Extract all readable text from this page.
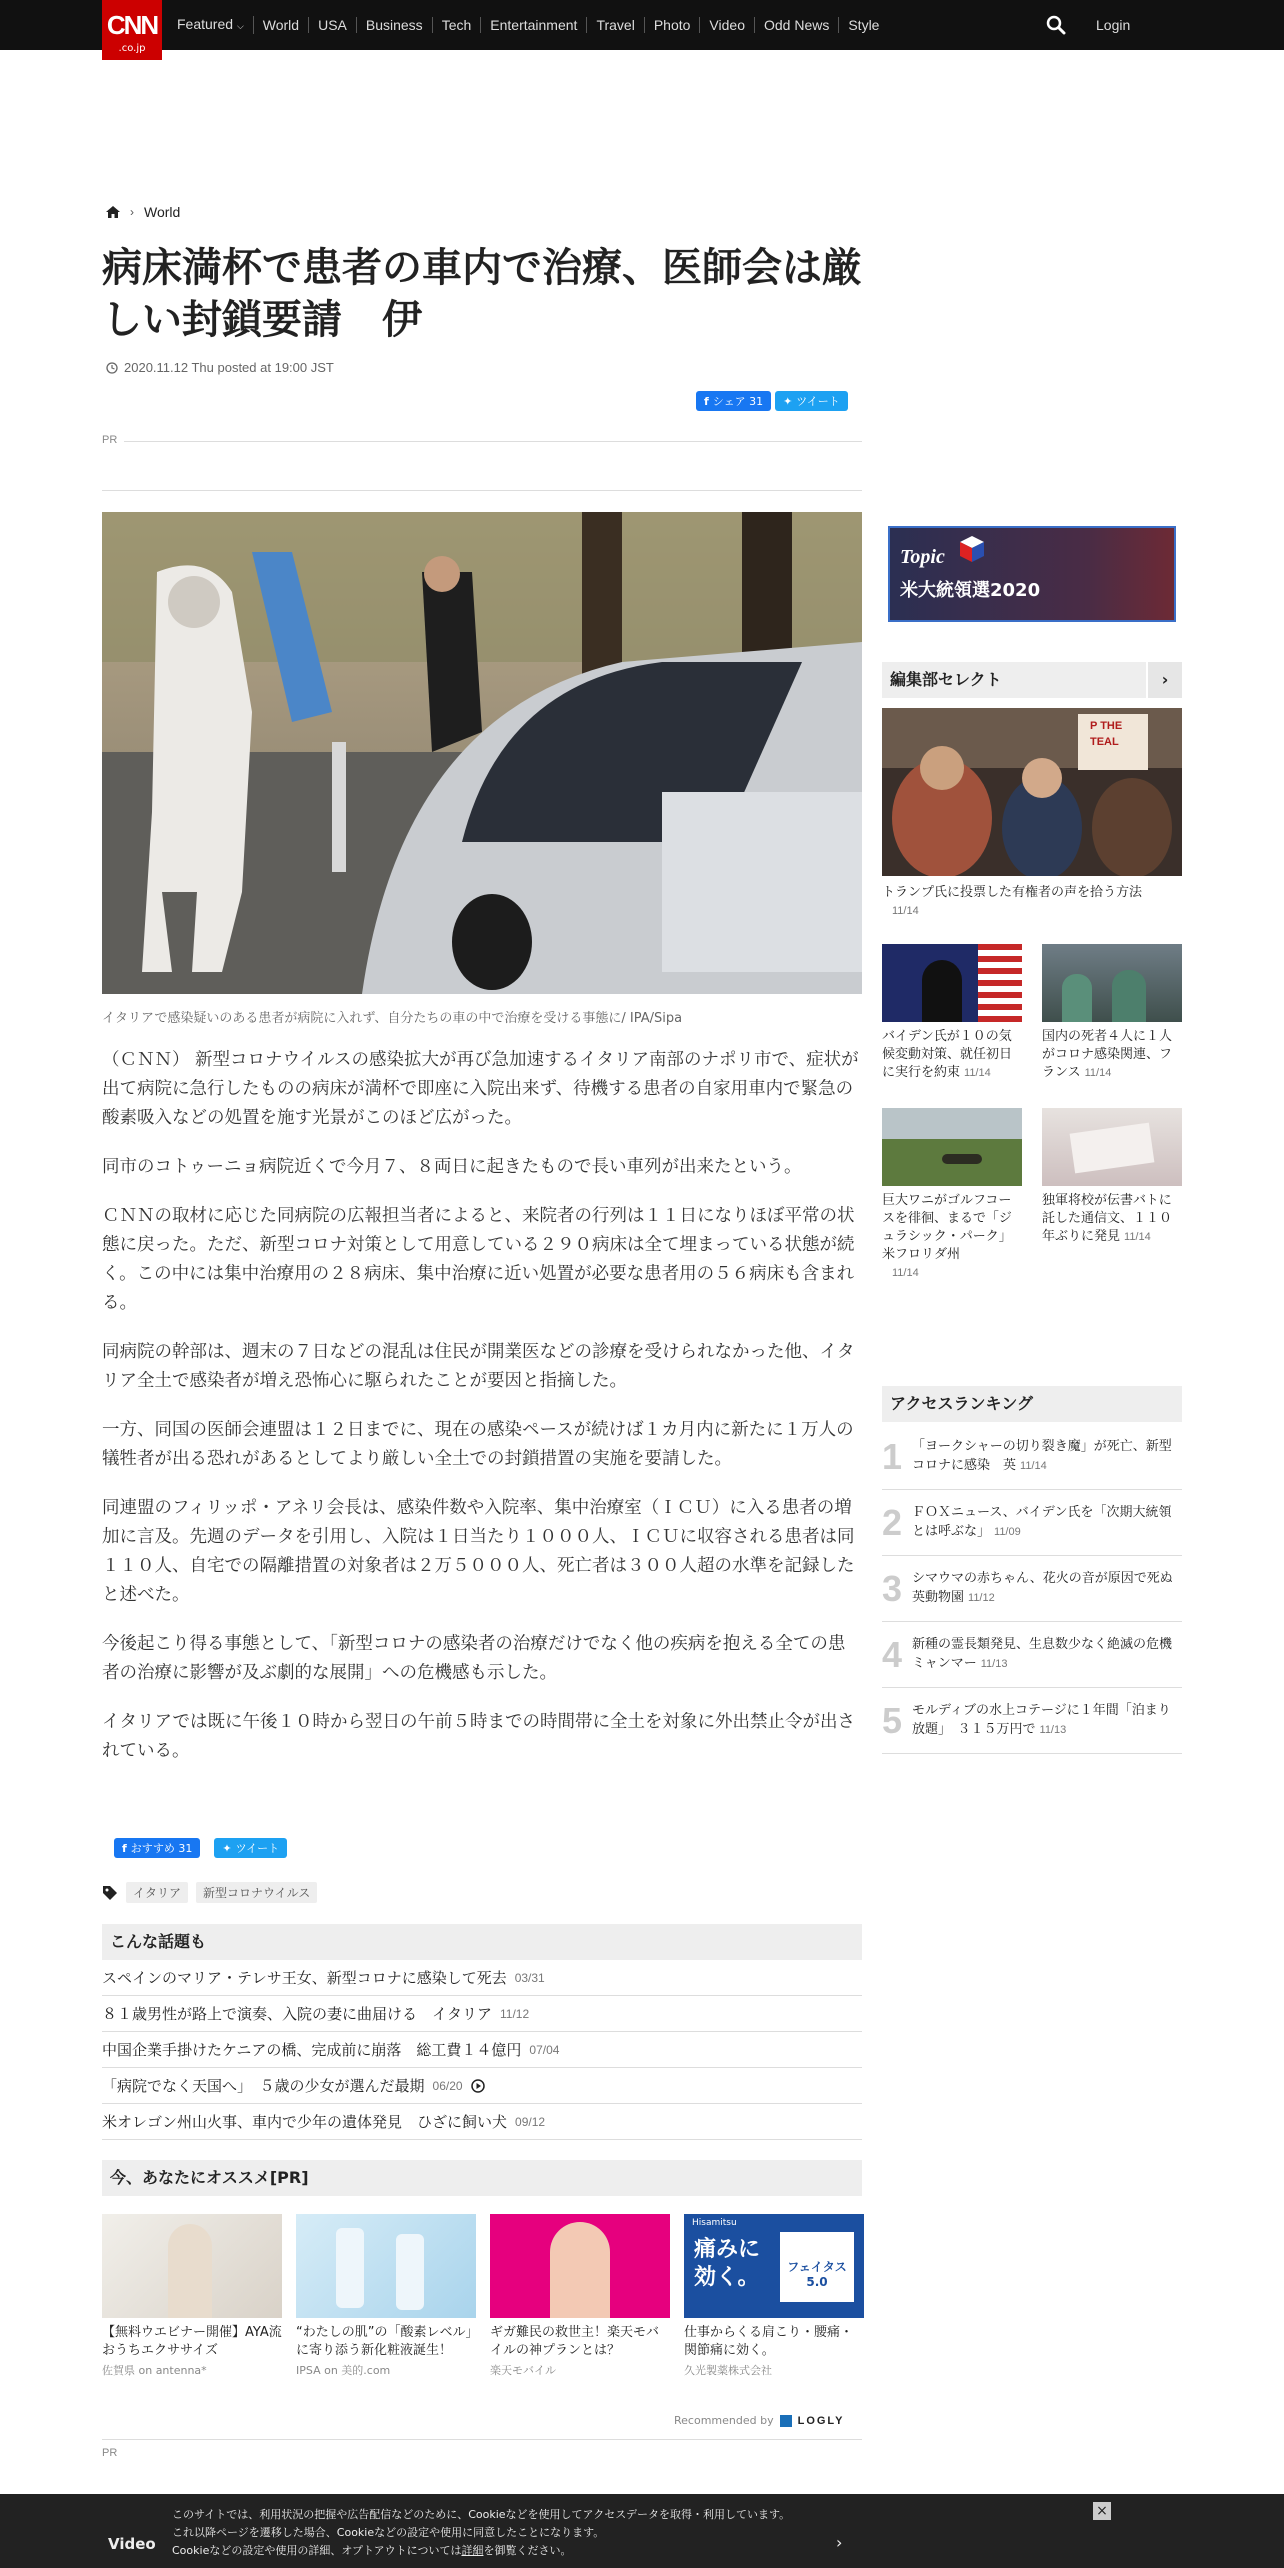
Featured ⌵	World	USA	Business	Tech	Entertainment	Travel	Photo	Video	Odd News	Style	Login
CNN
.co.jp
› World
病床満杯で患者の車内で治療、医師会は厳しい封鎖要請　伊
2020.11.12 Thu posted at 19:00 JST
f シェア 31 ✦ ツイート
PR
イタリアで感染疑いのある患者が病院に入れず、自分たちの車の中で治療を受ける事態に/ IPA/Sipa

（ＣＮＮ） 新型コロナウイルスの感染拡大が再び急加速するイタリア南部のナポリ市で、症状が出て病院に急行したものの病床が満杯で即座に入院出来ず、待機する患者の自家用車内で緊急の酸素吸入などの処置を施す光景がこのほど広がった。

同市のコトゥーニョ病院近くで今月７、８両日に起きたもので長い車列が出来たという。

ＣＮＮの取材に応じた同病院の広報担当者によると、来院者の行列は１１日になりほぼ平常の状態に戻った。ただ、新型コロナ対策として用意している２９０病床は全て埋まっている状態が続く。この中には集中治療用の２８病床、集中治療に近い処置が必要な患者用の５６病床も含まれる。

同病院の幹部は、週末の７日などの混乱は住民が開業医などの診療を受けられなかった他、イタリア全土で感染者が増え恐怖心に駆られたことが要因と指摘した。

一方、同国の医師会連盟は１２日までに、現在の感染ペースが続けば１カ月内に新たに１万人の犠牲者が出る恐れがあるとしてより厳しい全土での封鎖措置の実施を要請した。

同連盟のフィリッポ・アネリ会長は、感染件数や入院率、集中治療室（ＩＣＵ）に入る患者の増加に言及。先週のデータを引用し、入院は１日当たり１０００人、ＩＣＵに収容される患者は同１１０人、自宅での隔離措置の対象者は２万５０００人、死亡者は３００人超の水準を記録したと述べた。

今後起こり得る事態として、「新型コロナの感染者の治療だけでなく他の疾病を抱える全ての患者の治療に影響が及ぶ劇的な展開」への危機感も示した。

イタリアでは既に午後１０時から翌日の午前５時までの時間帯に全土を対象に外出禁止令が出されている。

f おすすめ 31	✦ ツイート
イタリア	新型コロナウイルス
こんな話題も
スペインのマリア・テレサ王女、新型コロナに感染して死去 03/31
８１歳男性が路上で演奏、入院の妻に曲届ける　イタリア 11/12
中国企業手掛けたケニアの橋、完成前に崩落　総工費１４億円 07/04
「病院でなく天国へ」　５歳の少女が選んだ最期 06/20
米オレゴン州山火事、車内で少年の遺体発見　ひざに飼い犬 09/12
今、あなたにオススメ[PR]
【無料ウエビナー開催】AYA流おうちエクササイズ
佐賀県 on antenna*
“わたしの肌”の「酸素レベル」に寄り添う新化粧液誕生！
IPSA on 美的.com
ギガ難民の救世主！楽天モバイルの神プランとは？
楽天モバイル
Hisamitsu
痛みに効く。	フェイタス5.0
仕事からくる肩こり・腰痛・関節痛に効く。
久光製薬株式会社
Recommended by LOGLY
PR
Topic
米大統領選2020
編集部セレクト	›
P THE
TEAL
トランプ氏に投票した有権者の声を拾う方法
11/14
バイデン氏が１０の気候変動対策、就任初日に実行を約束 11/14
国内の死者４人に１人がコロナ感染関連、フランス 11/14
巨大ワニがゴルフコースを徘徊、まるで「ジュラシック・パーク」　米フロリダ州
11/14
独軍将校が伝書バトに託した通信文、１１０年ぶりに発見 11/14
アクセスランキング
1 「ヨークシャーの切り裂き魔」が死亡、新型コロナに感染　英 11/14
2 ＦＯＸニュース、バイデン氏を「次期大統領とは呼ぶな」 11/09
3 シマウマの赤ちゃん、花火の音が原因で死ぬ　英動物園 11/12
4 新種の霊長類発見、生息数少なく絶滅の危機　ミャンマー 11/13
5 モルディブの水上コテージに１年間「泊まり放題」　３１５万円で 11/13
このサイトでは、利用状況の把握や広告配信などのために、Cookieなどを使用してアクセスデータを取得・利用しています。
これ以降ページを遷移した場合、Cookieなどの設定や使用に同意したことになります。
Cookieなどの設定や使用の詳細、オプトアウトについては詳細を御覧ください。
×
Video	›
